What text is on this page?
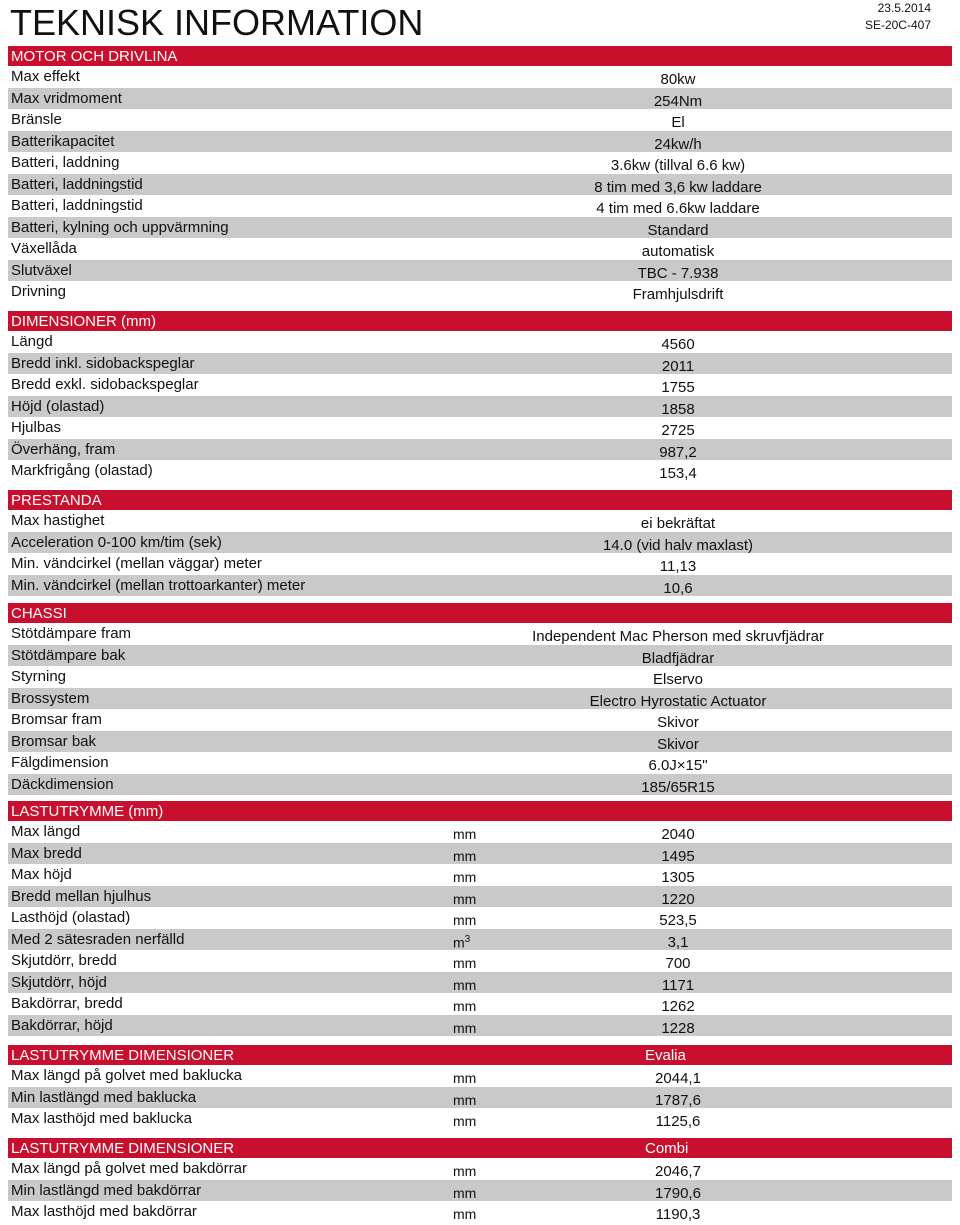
TEKNISK INFORMATION	23.5.2014
SE-20C-407
MOTOR OCH DRIVLINA
Max effekt	80kw
Max vridmoment	254Nm
Bränsle	El
Batterikapacitet	24kw/h
Batteri, laddning	3.6kw (tillval 6.6 kw)
Batteri, laddningstid	8 tim med 3,6 kw laddare
Batteri, laddningstid	4 tim med 6.6kw laddare
Batteri, kylning och uppvärmning	Standard
Växellåda	automatisk
Slutväxel	TBC - 7.938
Drivning	Framhjulsdrift
DIMENSIONER (mm)
Längd	4560
Bredd inkl. sidobackspeglar	2011
Bredd exkl. sidobackspeglar	1755
Höjd (olastad)	1858
Hjulbas	2725
Överhäng, fram	987,2
Markfrigång (olastad)	153,4
PRESTANDA
Max hastighet	ei bekräftat
Acceleration 0-100 km/tim (sek)	14.0 (vid halv maxlast)
Min. vändcirkel (mellan väggar) meter	11,13
Min. vändcirkel (mellan trottoarkanter) meter	10,6
CHASSI
Stötdämpare fram	Independent Mac Pherson med skruvfjädrar
Stötdämpare bak	Bladfjädrar
Styrning	Elservo
Brossystem	Electro Hyrostatic Actuator
Bromsar fram	Skivor
Bromsar bak	Skivor
Fälgdimension	6.0J×15"
Däckdimension	185/65R15
LASTUTRYMME (mm)
Max längd	mm	2040
Max bredd	mm	1495
Max höjd	mm	1305
Bredd mellan hjulhus	mm	1220
Lasthöjd (olastad)	mm	523,5
Med 2 sätesraden nerfälld	$m^3$	3,1
Skjutdörr, bredd	mm	700
Skjutdörr, höjd	mm	1171
Bakdörrar, bredd	mm	1262
Bakdörrar, höjd	mm	1228
LASTUTRYMME DIMENSIONER	Evalia
Max längd på golvet med baklucka	mm	2044,1
Min lastlängd med baklucka	mm	1787,6
Max lasthöjd med baklucka	mm	1125,6
LASTUTRYMME DIMENSIONER	Combi
Max längd på golvet med bakdörrar	mm	2046,7
Min lastlängd med bakdörrar	mm	1790,6
Max lasthöjd med bakdörrar	mm	1190,3
